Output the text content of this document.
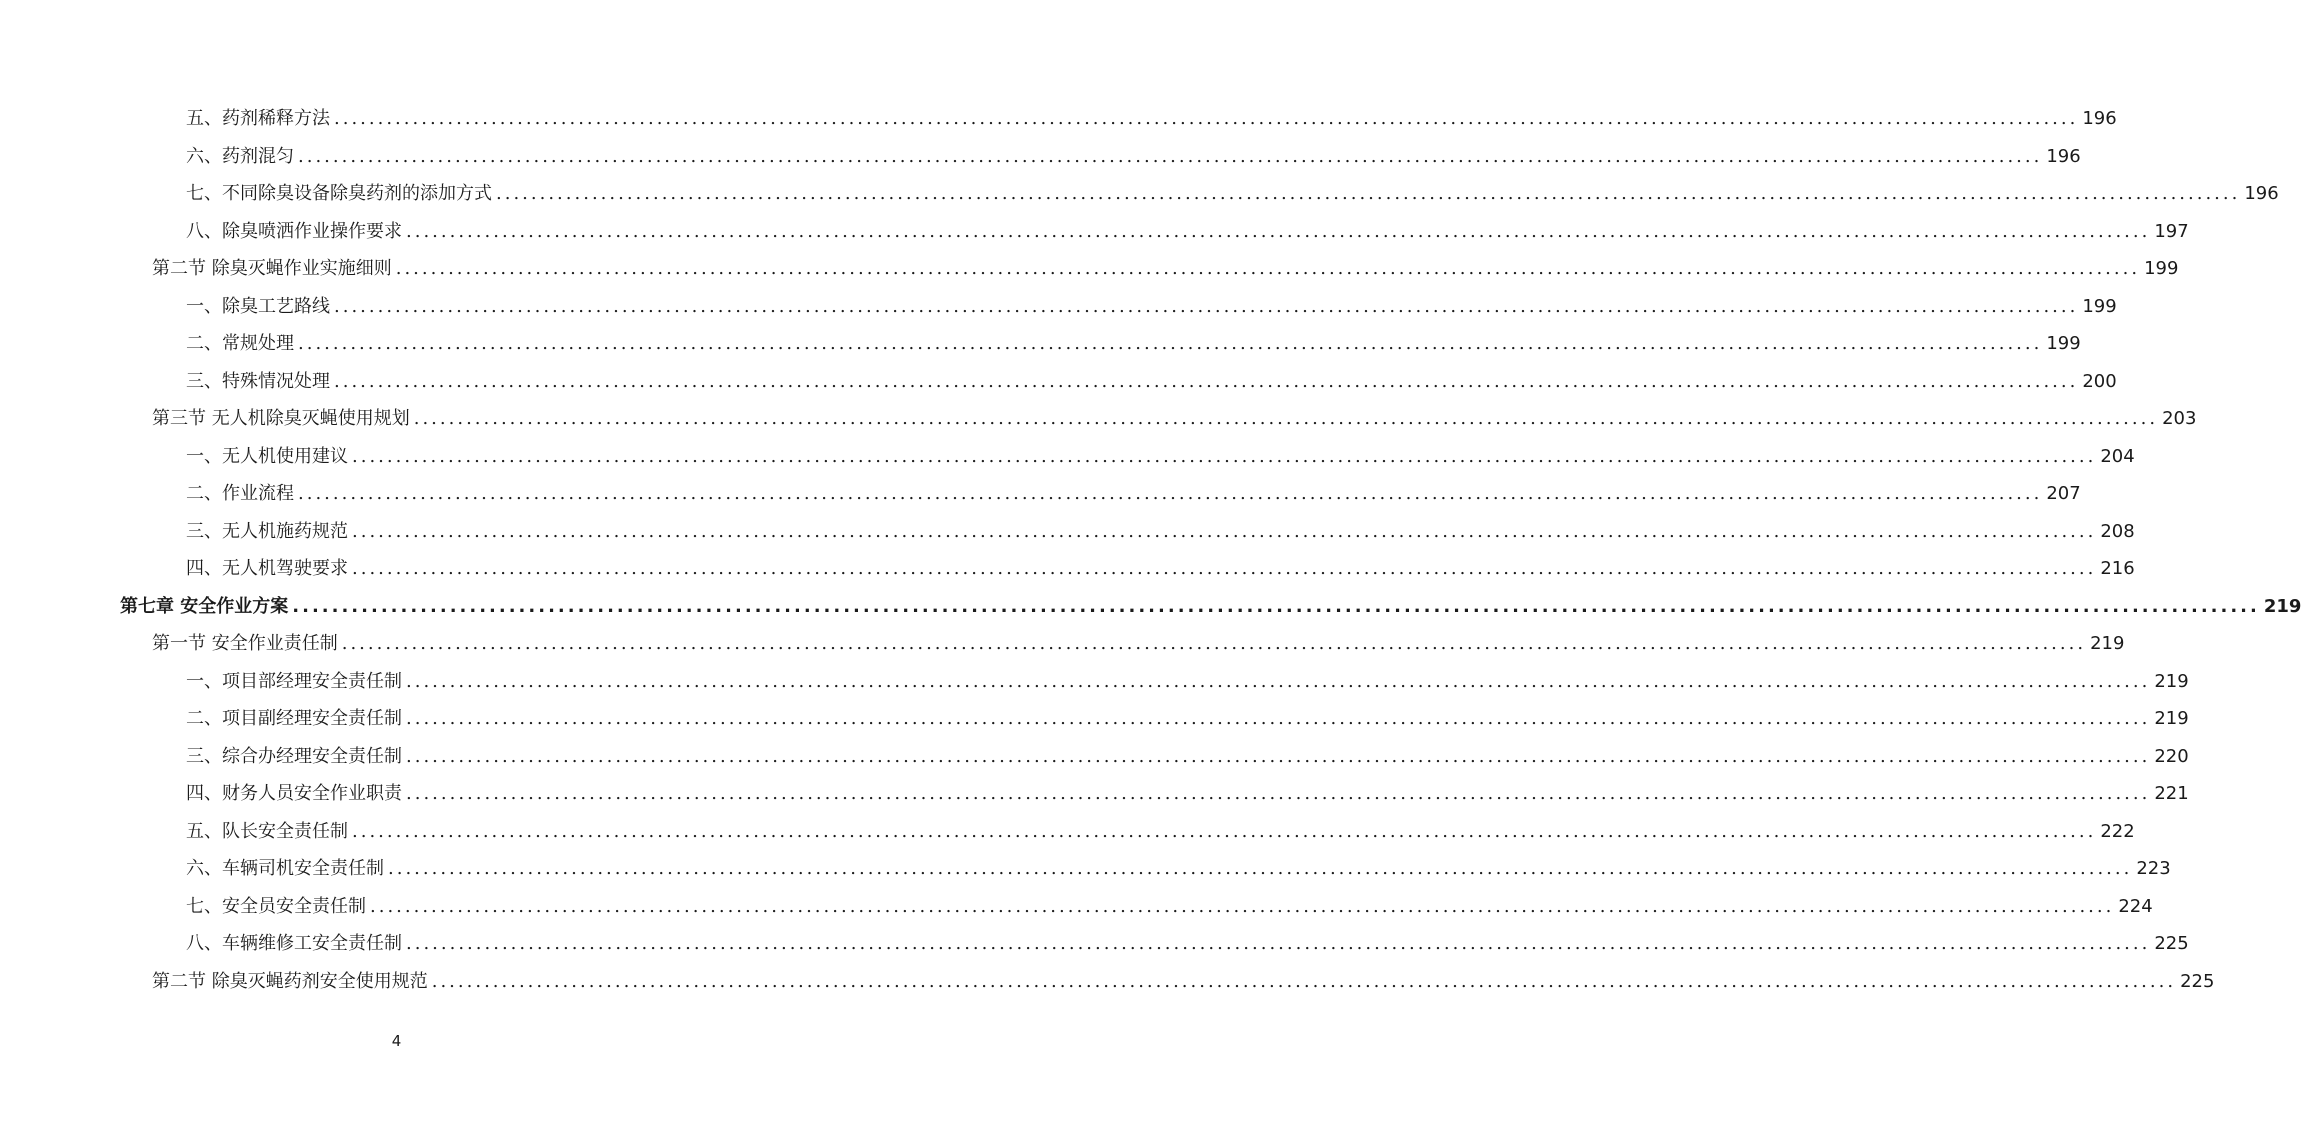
五、药剂稀释方法 ........................................................................................................................................................................................................ 196
六、药剂混匀 ........................................................................................................................................................................................................ 196
七、不同除臭设备除臭药剂的添加方式 ........................................................................................................................................................................................................ 196
八、除臭喷洒作业操作要求 ........................................................................................................................................................................................................ 197
第二节 除臭灭蝇作业实施细则 ........................................................................................................................................................................................................ 199
一、除臭工艺路线 ........................................................................................................................................................................................................ 199
二、常规处理 ........................................................................................................................................................................................................ 199
三、特殊情况处理 ........................................................................................................................................................................................................ 200
第三节 无人机除臭灭蝇使用规划 ........................................................................................................................................................................................................ 203
一、无人机使用建议 ........................................................................................................................................................................................................ 204
二、作业流程 ........................................................................................................................................................................................................ 207
三、无人机施药规范 ........................................................................................................................................................................................................ 208
四、无人机驾驶要求 ........................................................................................................................................................................................................ 216
第七章 安全作业方案 ........................................................................................................................................................................................................ 219
第一节 安全作业责任制 ........................................................................................................................................................................................................ 219
一、项目部经理安全责任制 ........................................................................................................................................................................................................ 219
二、项目副经理安全责任制 ........................................................................................................................................................................................................ 219
三、综合办经理安全责任制 ........................................................................................................................................................................................................ 220
四、财务人员安全作业职责 ........................................................................................................................................................................................................ 221
五、队长安全责任制 ........................................................................................................................................................................................................ 222
六、车辆司机安全责任制 ........................................................................................................................................................................................................ 223
七、安全员安全责任制 ........................................................................................................................................................................................................ 224
八、车辆维修工安全责任制 ........................................................................................................................................................................................................ 225
第二节 除臭灭蝇药剂安全使用规范 ........................................................................................................................................................................................................ 225
4
